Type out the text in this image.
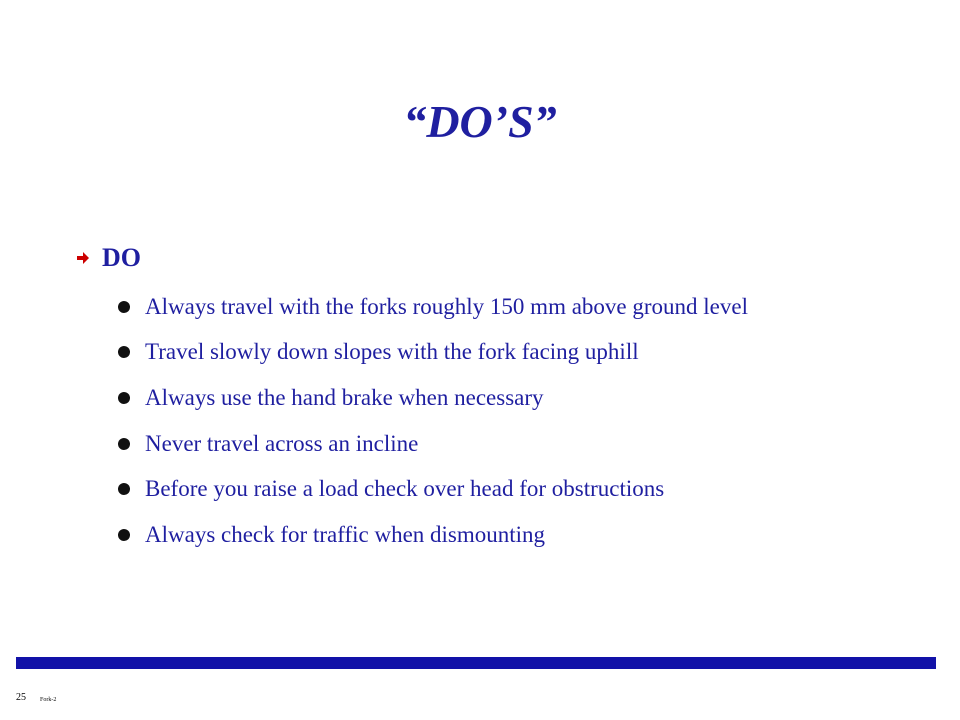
“DO’S”
DO
Always travel with the forks roughly 150 mm above ground level
Travel slowly down slopes with the fork facing uphill
Always use the hand brake when necessary
Never travel across an incline
Before you raise a load check over head for obstructions
Always check for traffic when dismounting
25 Fork-2
